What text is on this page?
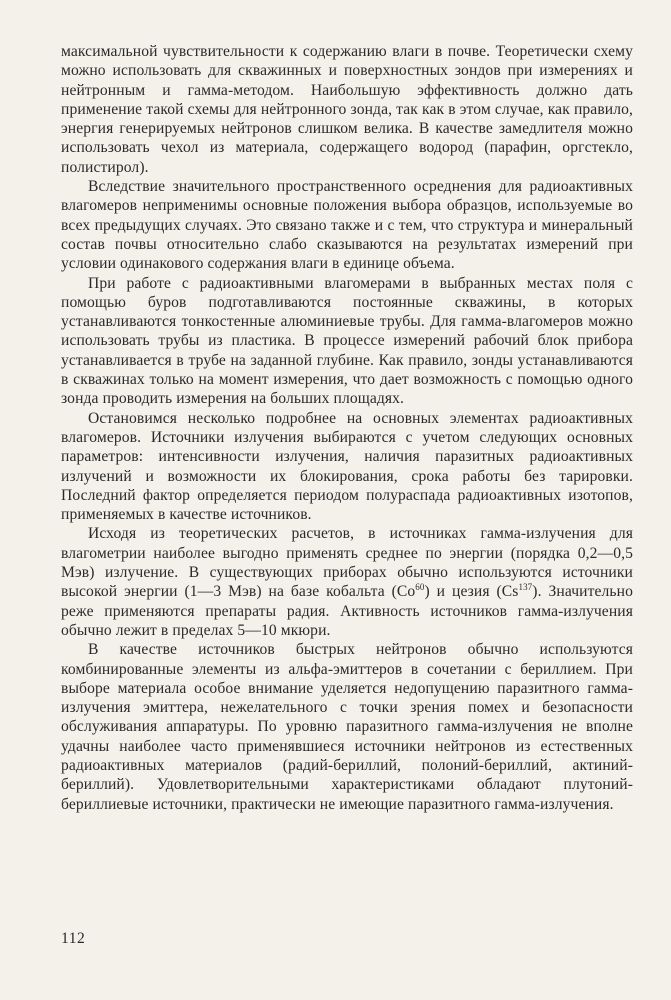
максимальной чувствительности к содержанию влаги в почве. Теоретически схему можно использовать для скважинных и поверхностных зондов при измерениях и нейтронным и гамма-методом. Наибольшую эффективность должно дать применение такой схемы для нейтронного зонда, так как в этом случае, как правило, энергия генерируемых нейтронов слишком велика. В качестве замедлителя можно использовать чехол из материала, содержащего водород (парафин, оргстекло, полистирол).

Вследствие значительного пространственного осреднения для радиоактивных влагомеров неприменимы основные положения выбора образцов, используемые во всех предыдущих случаях. Это связано также и с тем, что структура и минеральный состав почвы относительно слабо сказываются на результатах измерений при условии одинакового содержания влаги в единице объема.

При работе с радиоактивными влагомерами в выбранных местах поля с помощью буров подготавливаются постоянные скважины, в которых устанавливаются тонкостенные алюминиевые трубы. Для гамма-влагомеров можно использовать трубы из пластика. В процессе измерений рабочий блок прибора устанавливается в трубе на заданной глубине. Как правило, зонды устанавливаются в скважинах только на момент измерения, что дает возможность с помощью одного зонда проводить измерения на больших площадях.

Остановимся несколько подробнее на основных элементах радиоактивных влагомеров. Источники излучения выбираются с учетом следующих основных параметров: интенсивности излучения, наличия паразитных радиоактивных излучений и возможности их блокирования, срока работы без тарировки. Последний фактор определяется периодом полураспада радиоактивных изотопов, применяемых в качестве источников.

Исходя из теоретических расчетов, в источниках гамма-излучения для влагометрии наиболее выгодно применять среднее по энергии (порядка 0,2—0,5 Мэв) излучение. В существующих приборах обычно используются источники высокой энергии (1—3 Мэв) на базе кобальта (Co$^{60}$) и цезия (Cs$^{137}$). Значительно реже применяются препараты радия. Активность источников гамма-излучения обычно лежит в пределах 5—10 мкюри.

В качестве источников быстрых нейтронов обычно используются комбинированные элементы из альфа-эмиттеров в сочетании с бериллием. При выборе материала особое внимание уделяется недопущению паразитного гамма-излучения эмиттера, нежелательного с точки зрения помех и безопасности обслуживания аппаратуры. По уровню паразитного гамма-излучения не вполне удачны наиболее часто применявшиеся источники нейтронов из естественных радиоактивных материалов (радий-бериллий, полоний-бериллий, актиний-бериллий). Удовлетворительными характеристиками обладают плутоний-бериллиевые источники, практически не имеющие паразитного гамма-излучения.

112
